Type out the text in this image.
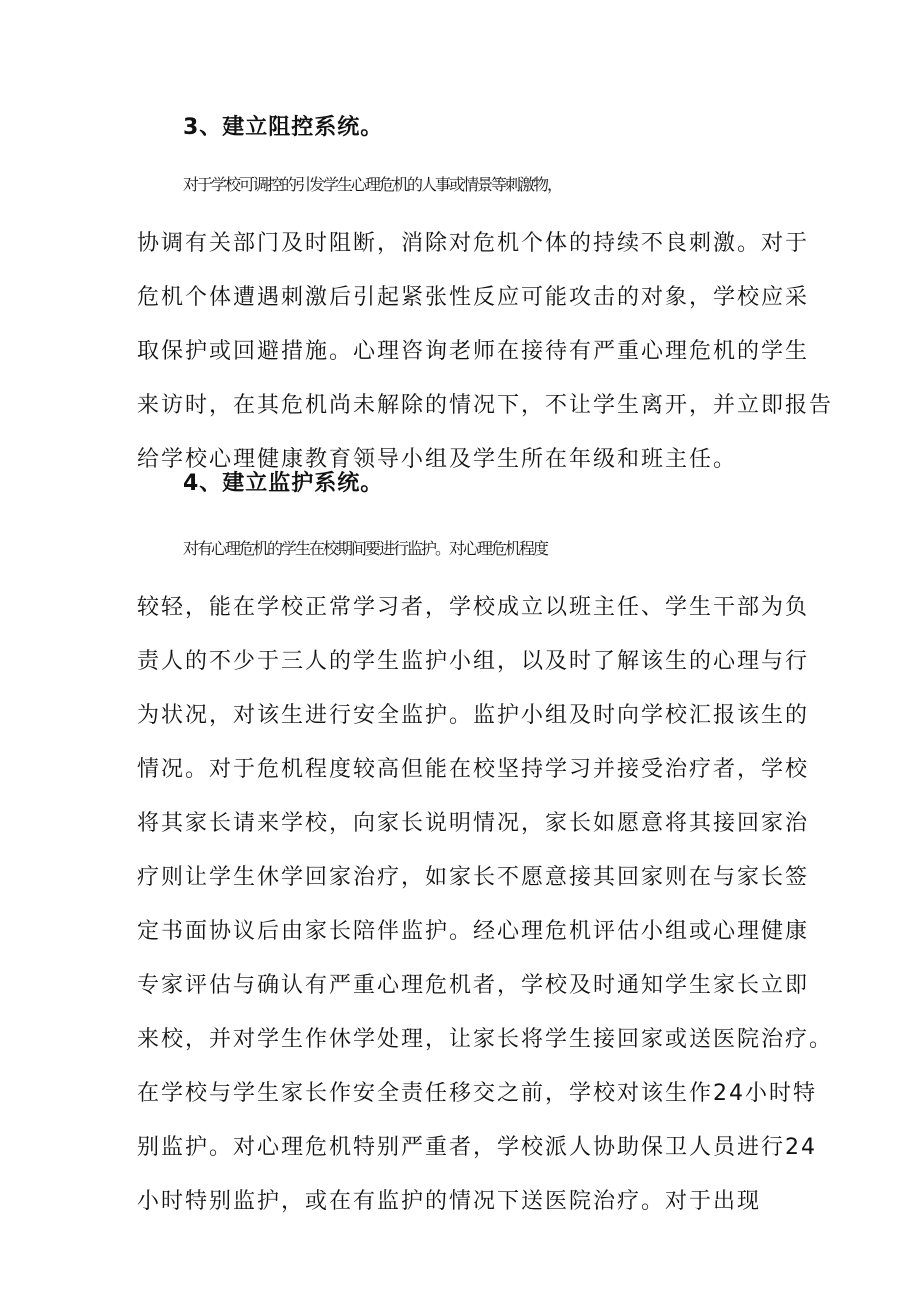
3、建立阻控系统。
对于学校可调控的引发学生心理危机的人事或情景等刺激物，
协调有关部门及时阻断，消除对危机个体的持续不良刺激。对于
危机个体遭遇刺激后引起紧张性反应可能攻击的对象，学校应采
取保护或回避措施。心理咨询老师在接待有严重心理危机的学生
来访时，在其危机尚未解除的情况下，不让学生离开，并立即报告
给学校心理健康教育领导小组及学生所在年级和班主任。
4、建立监护系统。
对有心理危机的学生在校期间要进行监护。对心理危机程度
较轻，能在学校正常学习者，学校成立以班主任、学生干部为负
责人的不少于三人的学生监护小组，以及时了解该生的心理与行
为状况，对该生进行安全监护。监护小组及时向学校汇报该生的
情况。对于危机程度较高但能在校坚持学习并接受治疗者，学校
将其家长请来学校，向家长说明情况，家长如愿意将其接回家治
疗则让学生休学回家治疗，如家长不愿意接其回家则在与家长签
定书面协议后由家长陪伴监护。经心理危机评估小组或心理健康
专家评估与确认有严重心理危机者，学校及时通知学生家长立即
来校，并对学生作休学处理，让家长将学生接回家或送医院治疗。
在学校与学生家长作安全责任移交之前，学校对该生作24小时特
别监护。对心理危机特别严重者，学校派人协助保卫人员进行24
小时特别监护，或在有监护的情况下送医院治疗。对于出现
